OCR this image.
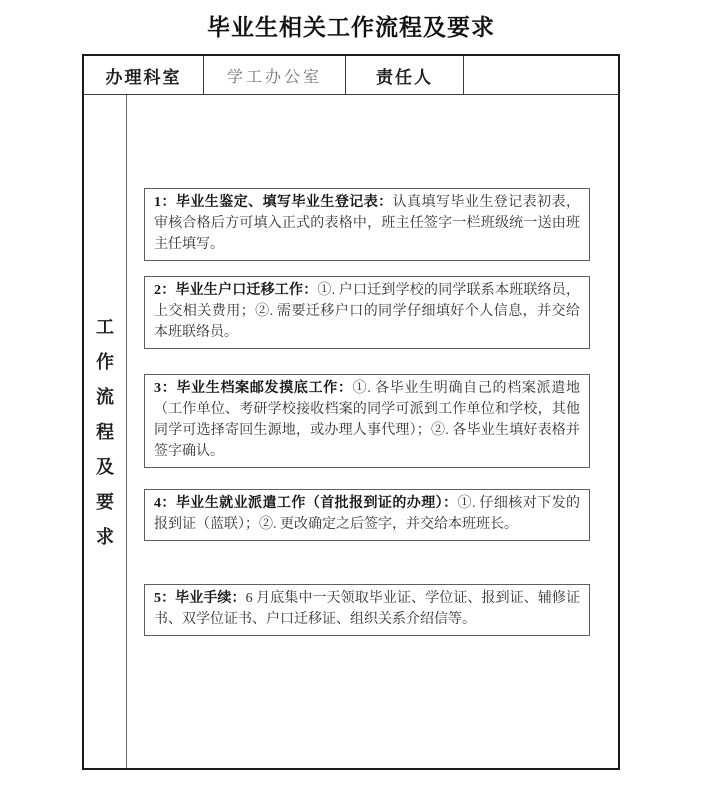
毕业生相关工作流程及要求
办理科室	学工办公室	责任人
工
作
流
程
及
要
求
1：毕业生鉴定、填写毕业生登记表：认真填写毕业生登记表初表，审核合格后方可填入正式的表格中，班主任签字一栏班级统一送由班主任填写。
2：毕业生户口迁移工作：①. 户口迁到学校的同学联系本班联络员，上交相关费用；②. 需要迁移户口的同学仔细填好个人信息，并交给本班联络员。
3：毕业生档案邮发摸底工作：①. 各毕业生明确自己的档案派遣地（工作单位、考研学校接收档案的同学可派到工作单位和学校，其他同学可选择寄回生源地，或办理人事代理）；②. 各毕业生填好表格并签字确认。
4：毕业生就业派遣工作（首批报到证的办理）：①. 仔细核对下发的报到证（蓝联）；②. 更改确定之后签字，并交给本班班长。
5：毕业手续：6 月底集中一天领取毕业证、学位证、报到证、辅修证书、双学位证书、户口迁移证、组织关系介绍信等。
